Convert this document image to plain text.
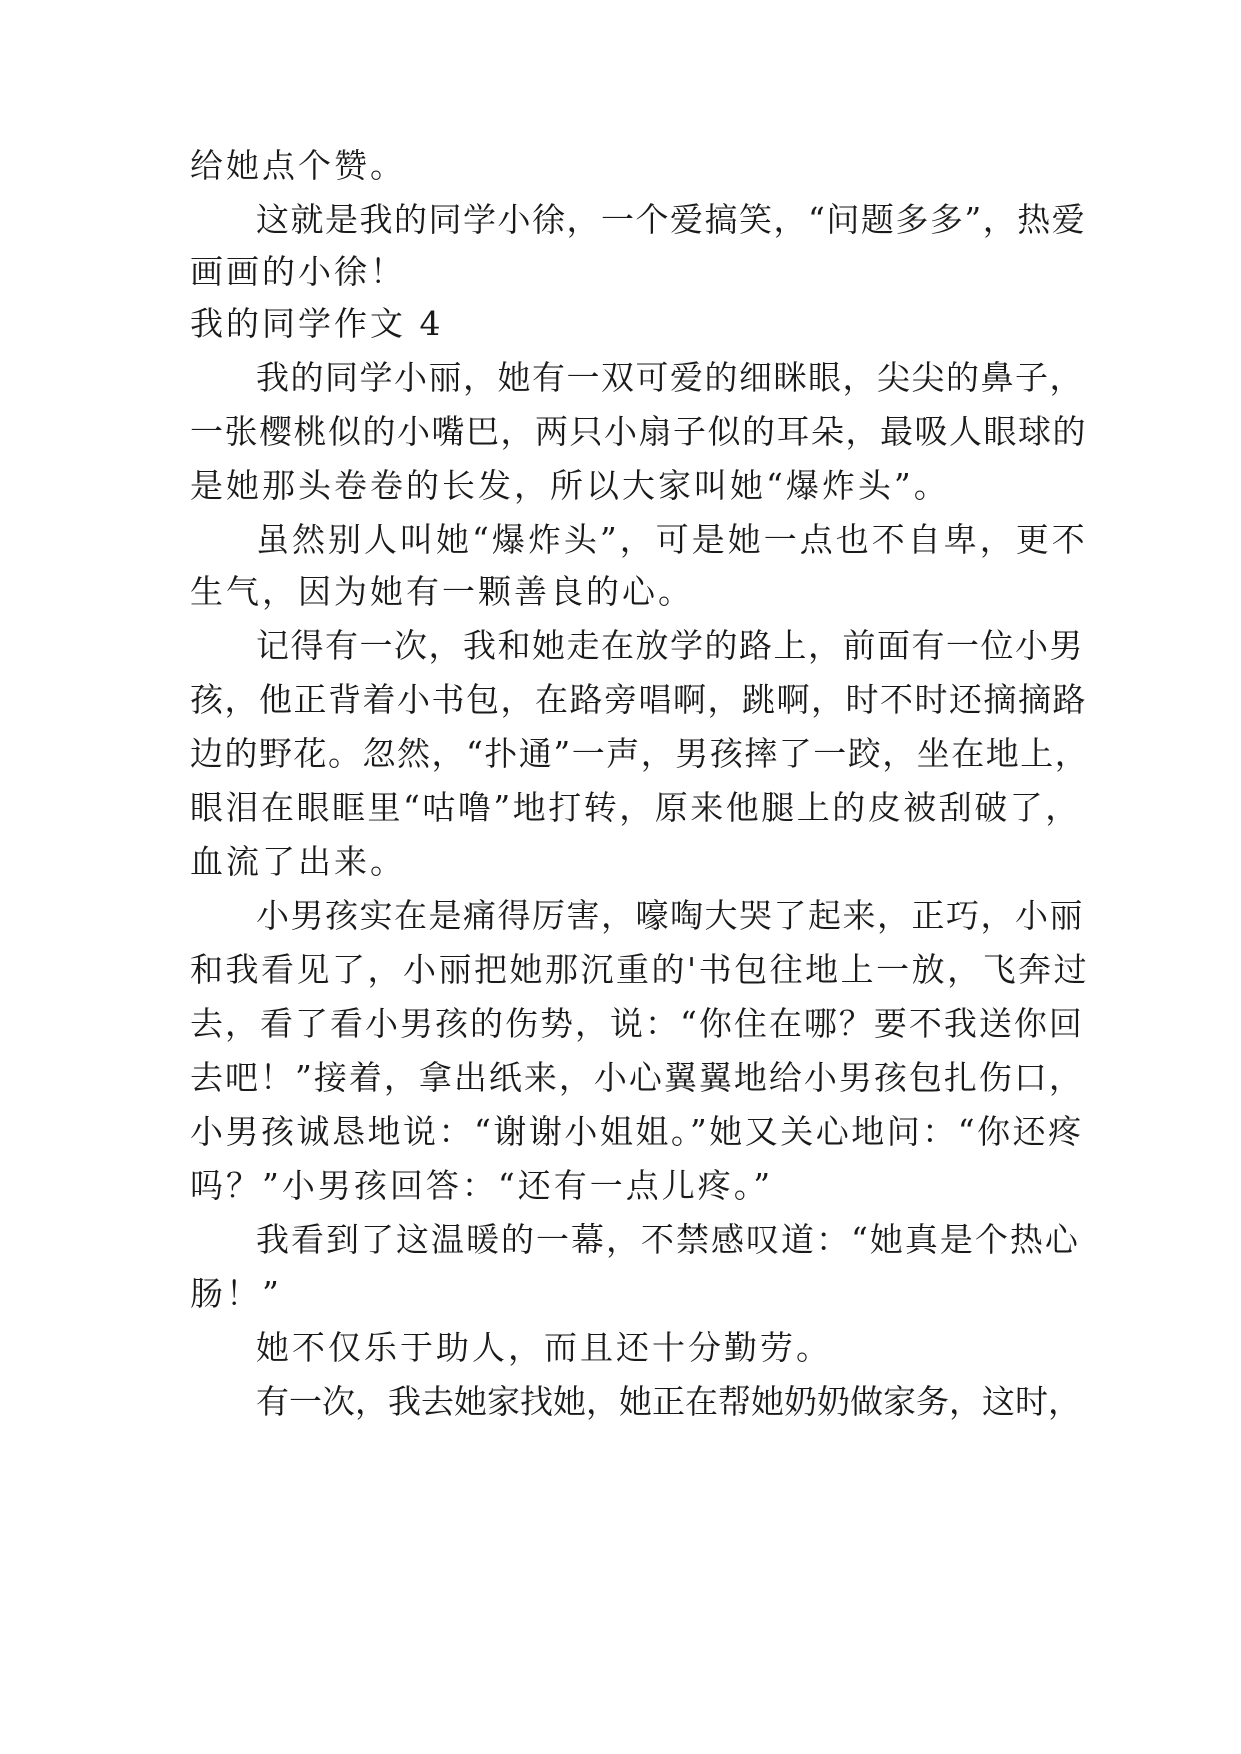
给她点个赞。
这就是我的同学小徐，一个爱搞笑，“问题多多”，热爱
画画的小徐！
我的同学作文 4
我的同学小丽，她有一双可爱的细眯眼，尖尖的鼻子，
一张樱桃似的小嘴巴，两只小扇子似的耳朵，最吸人眼球的
是她那头卷卷的长发，所以大家叫她“爆炸头”。
虽然别人叫她“爆炸头”，可是她一点也不自卑，更不
生气，因为她有一颗善良的心。
记得有一次，我和她走在放学的路上，前面有一位小男
孩，他正背着小书包，在路旁唱啊，跳啊，时不时还摘摘路
边的野花。忽然，“扑通”一声，男孩摔了一跤，坐在地上，
眼泪在眼眶里“咕噜”地打转，原来他腿上的皮被刮破了，
血流了出来。
小男孩实在是痛得厉害，嚎啕大哭了起来，正巧，小丽
和我看见了，小丽把她那沉重的'书包往地上一放，飞奔过
去，看了看小男孩的伤势，说：“你住在哪？要不我送你回
去吧！”接着，拿出纸来，小心翼翼地给小男孩包扎伤口，
小男孩诚恳地说：“谢谢小姐姐。”她又关心地问：“你还疼
吗？”小男孩回答：“还有一点儿疼。”
我看到了这温暖的一幕，不禁感叹道：“她真是个热心
肠！”
她不仅乐于助人，而且还十分勤劳。
有一次，我去她家找她，她正在帮她奶奶做家务，这时，
